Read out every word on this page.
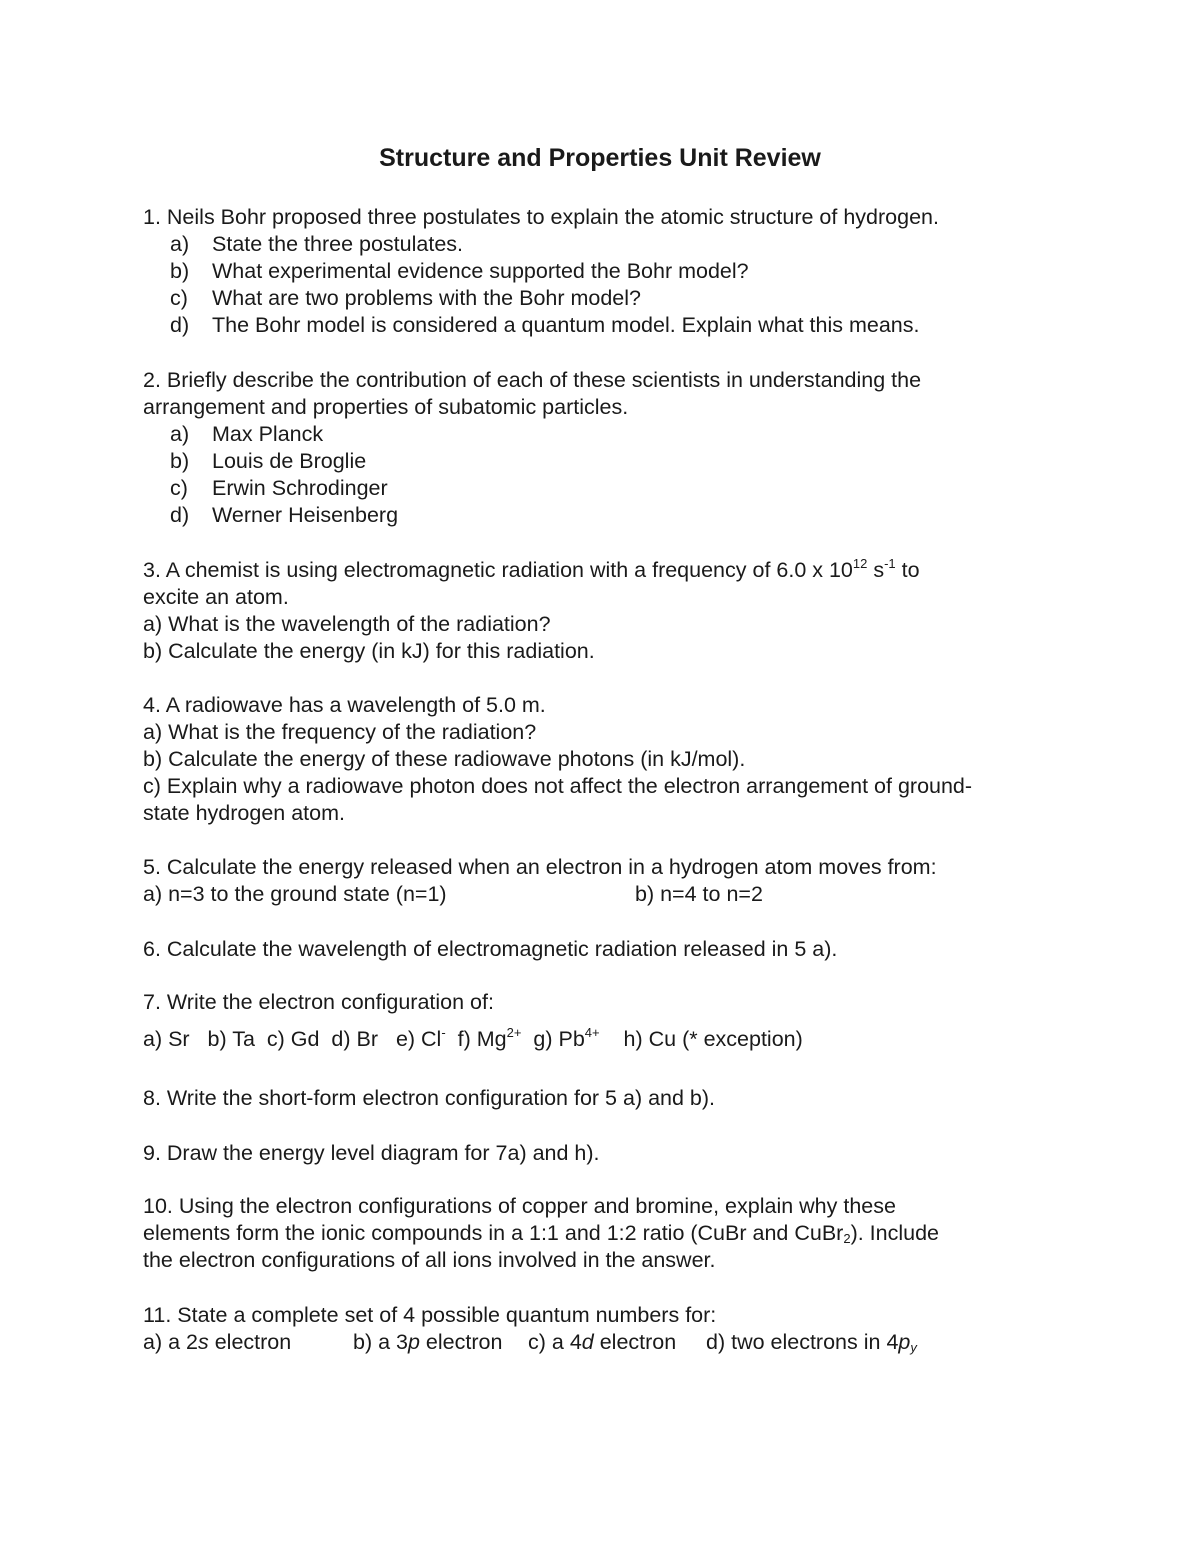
Structure and Properties Unit Review
1. Neils Bohr proposed three postulates to explain the atomic structure of hydrogen.
a) State the three postulates.
b) What experimental evidence supported the Bohr model?
c) What are two problems with the Bohr model?
d) The Bohr model is considered a quantum model. Explain what this means.
2. Briefly describe the contribution of each of these scientists in understanding the
arrangement and properties of subatomic particles.
a) Max Planck
b) Louis de Broglie
c) Erwin Schrodinger
d) Werner Heisenberg
3. A chemist is using electromagnetic radiation with a frequency of 6.0 x $10^{12}$ $s^{-1}$ to
excite an atom.
a) What is the wavelength of the radiation?
b) Calculate the energy (in kJ) for this radiation.
4. A radiowave has a wavelength of 5.0 m.
a) What is the frequency of the radiation?
b) Calculate the energy of these radiowave photons (in kJ/mol).
c) Explain why a radiowave photon does not affect the electron arrangement of ground-
state hydrogen atom.
5. Calculate the energy released when an electron in a hydrogen atom moves from:
a) n=3 to the ground state (n=1)	b) n=4 to n=2
6. Calculate the wavelength of electromagnetic radiation released in 5 a).
7. Write the electron configuration of:
a) Sr b) Ta c) Gd d) Br e) Cl- f) $Mg^{2+}$ g) $Pb^{4+}$ h) Cu (* exception)
8. Write the short-form electron configuration for 5 a) and b).
9. Draw the energy level diagram for 7a) and h).
10. Using the electron configurations of copper and bromine, explain why these
elements form the ionic compounds in a 1:1 and 1:2 ratio (CuBr and CuBr$_2$). Include
the electron configurations of all ions involved in the answer.
11. State a complete set of 4 possible quantum numbers for:
a) a 2s electron	b) a 3p electron c) a 4d electron d) two electrons in $4p_y$
